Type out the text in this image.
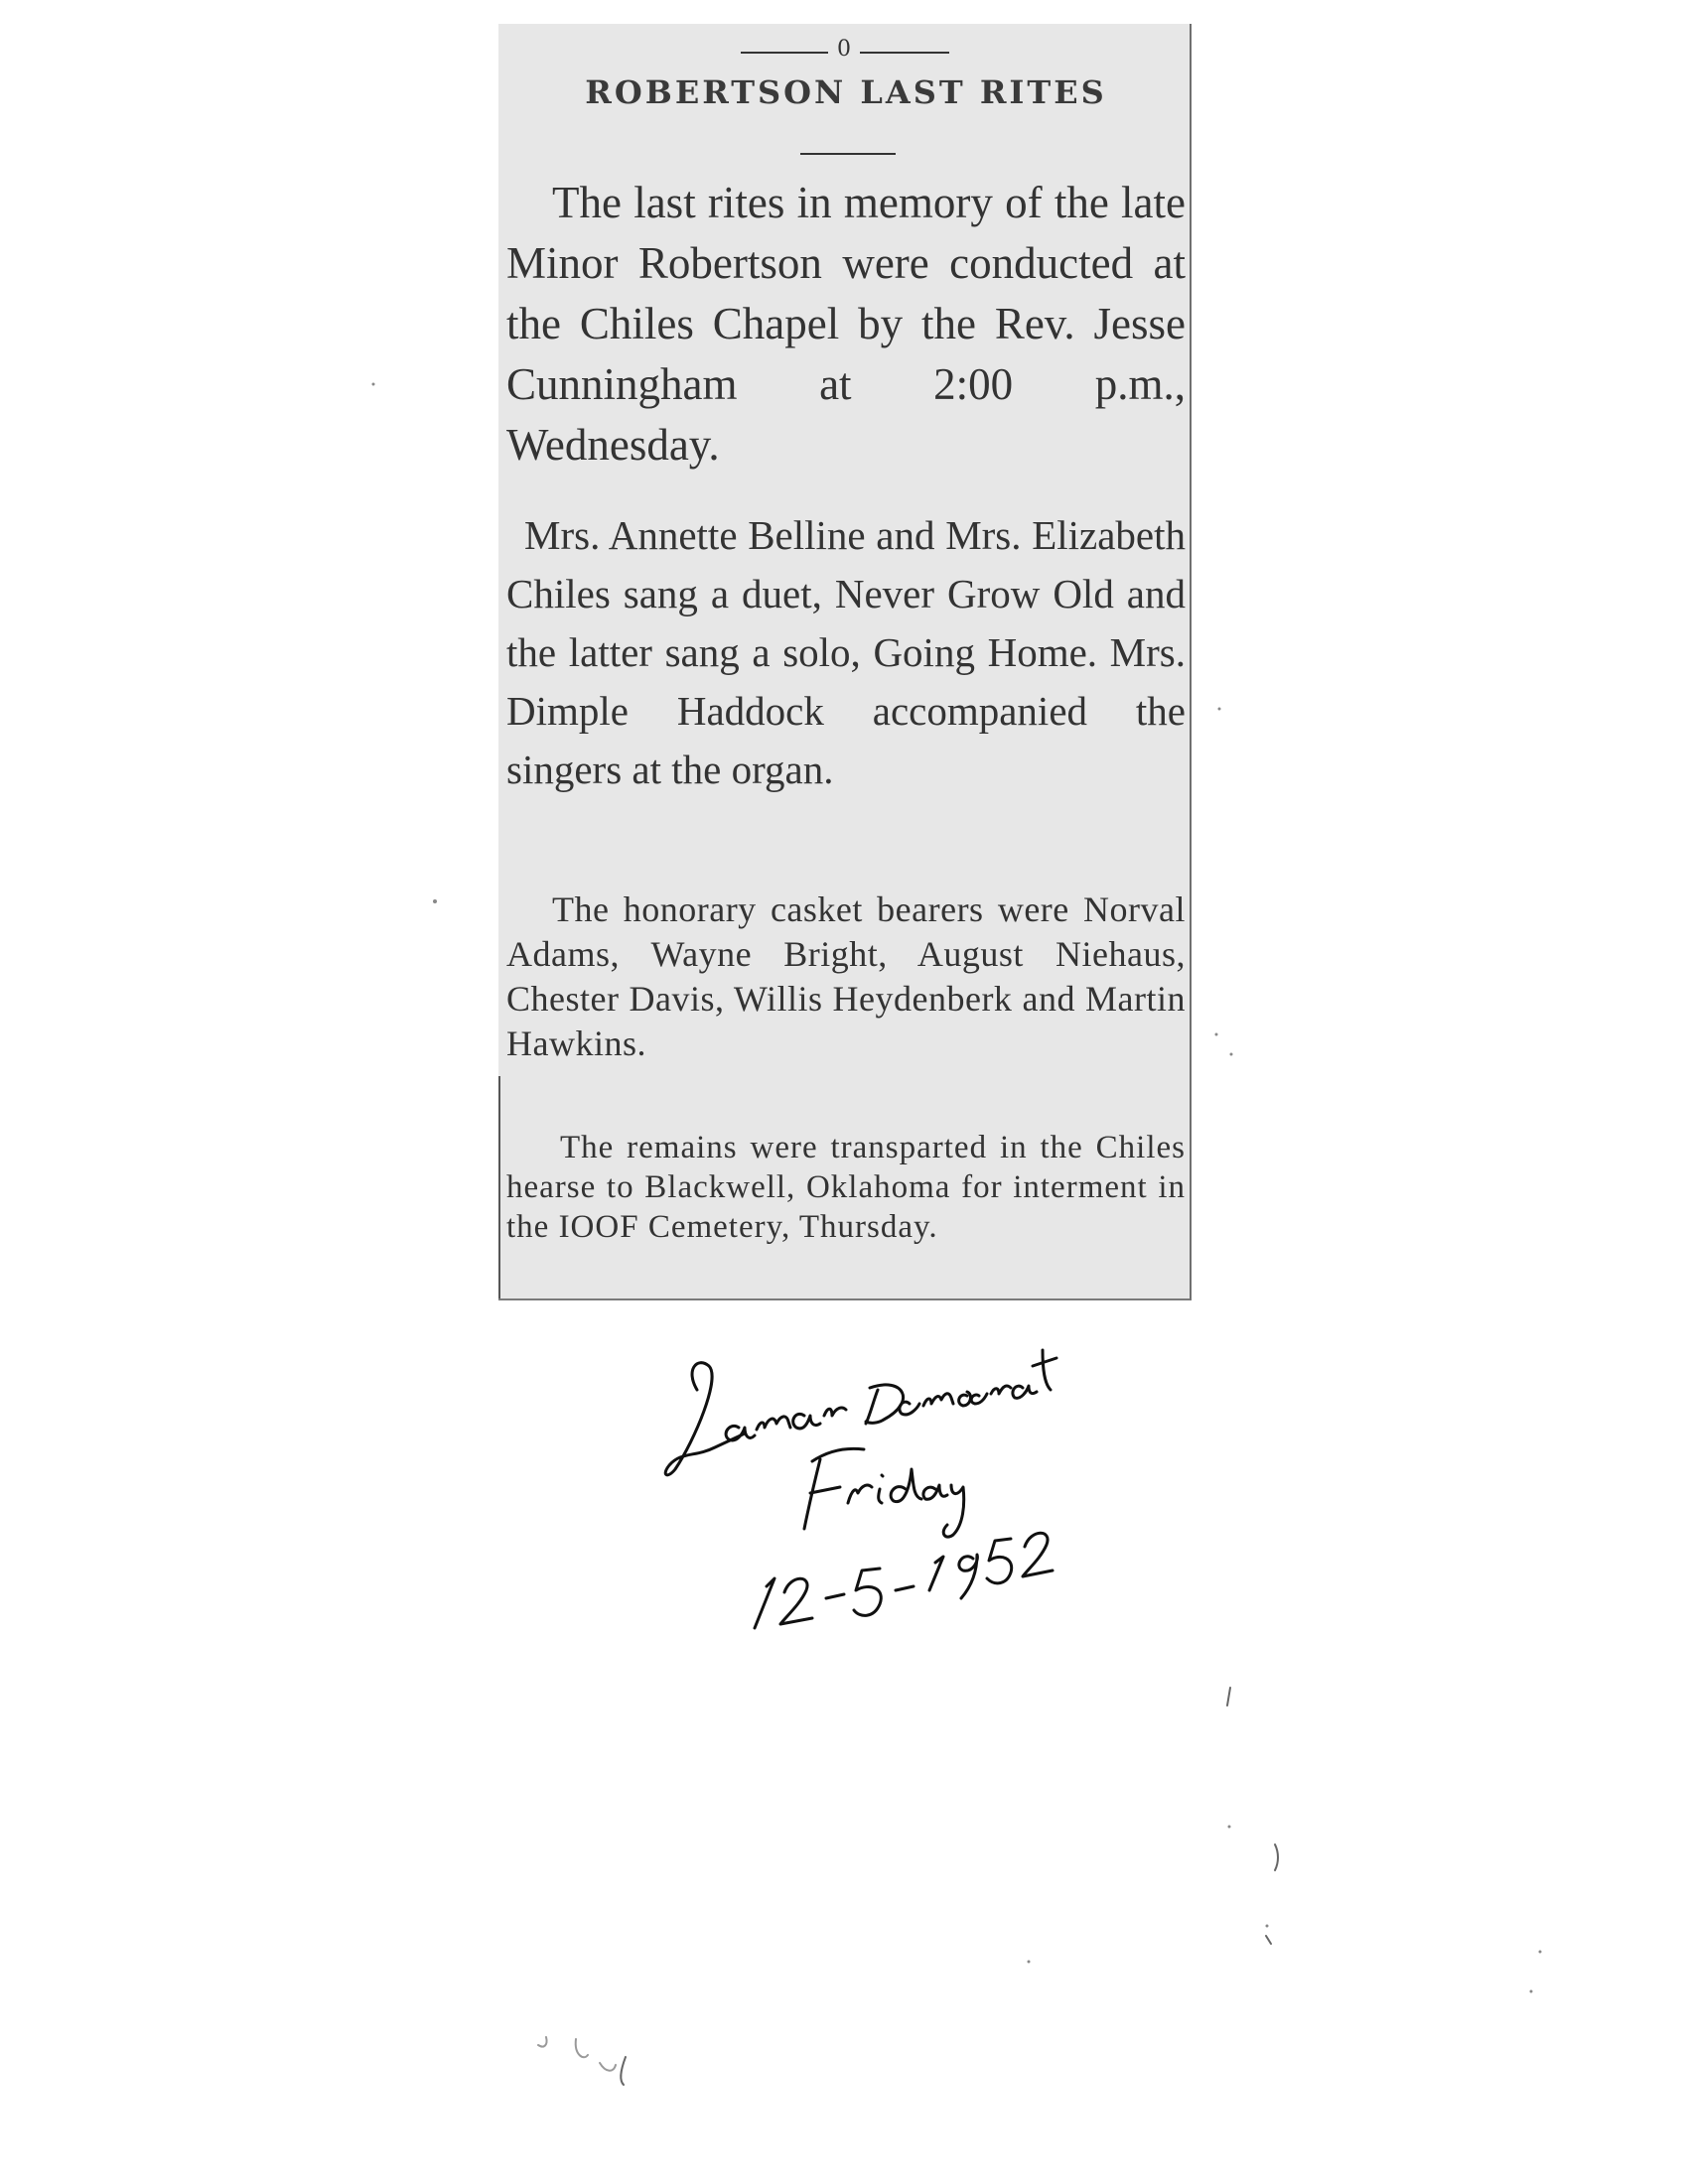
0
ROBERTSON LAST RITES

The last rites in memory of the late Minor Robertson were conducted at the Chiles Chapel by the Rev. Jesse Cunningham at 2:00 p.m., Wednesday.

Mrs. Annette Belline and Mrs. Elizabeth Chiles sang a duet, Never Grow Old and the latter sang a solo, Going Home. Mrs. Dimple Haddock accompanied the singers at the organ.

The honorary casket bearers were Norval Adams, Wayne Bright, August Niehaus, Chester Davis, Willis Heydenberk and Martin Hawkins.

The remains were transparted in the Chiles hearse to Blackwell, Oklahoma for interment in the IOOF Cemetery, Thursday.
